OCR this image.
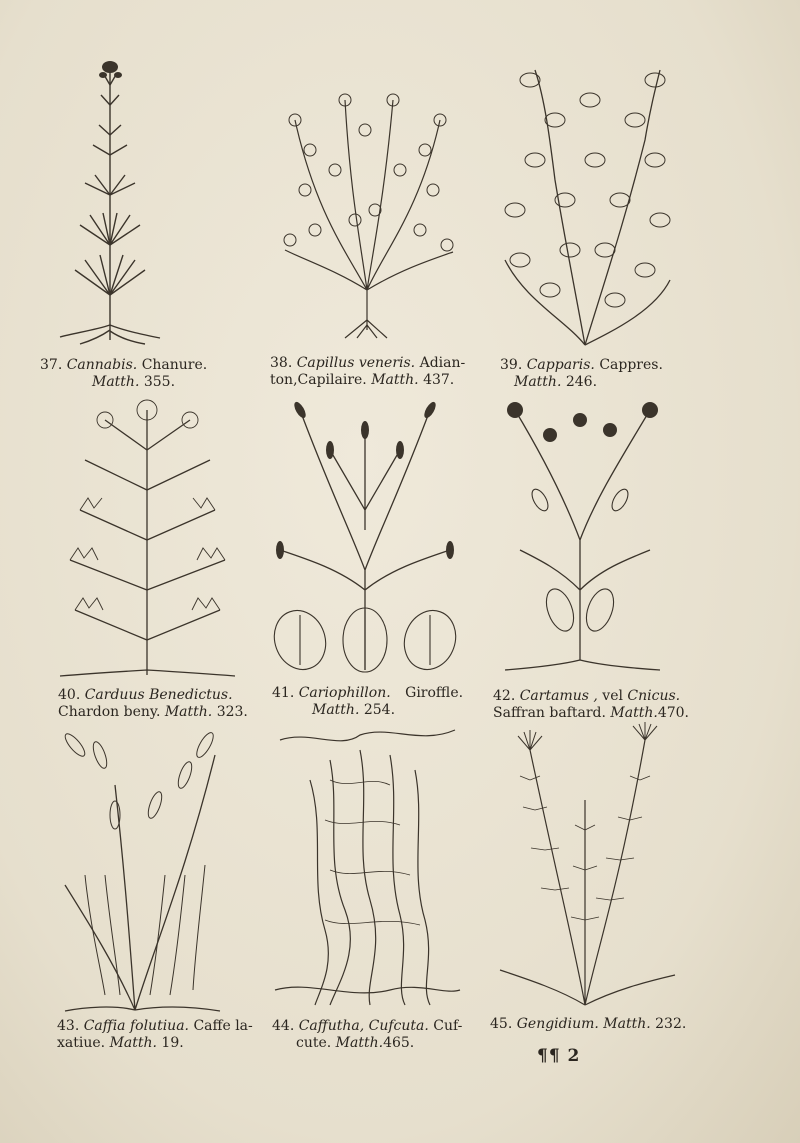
37. Cannabis. Chanure.
Matth. 355.
38. Capillus veneris. Adian-
ton,Capilaire. Matth. 437.
39. Capparis. Cappres.
Matth. 246.
40. Carduus Benedictus.
Chardon beny. Matth. 323.
41. Cariophillon. Giroffle.
Matth. 254.
42. Cartamus , vel Cnicus.
Saffran baftard. Matth.470.
43. Caffia folutiua. Caffe la-
xatiue. Matth. 19.
44. Caffutha, Cufcuta. Cuf-
cute. Matth.465.
45. Gengidium. Matth. 232.
¶¶ 2
